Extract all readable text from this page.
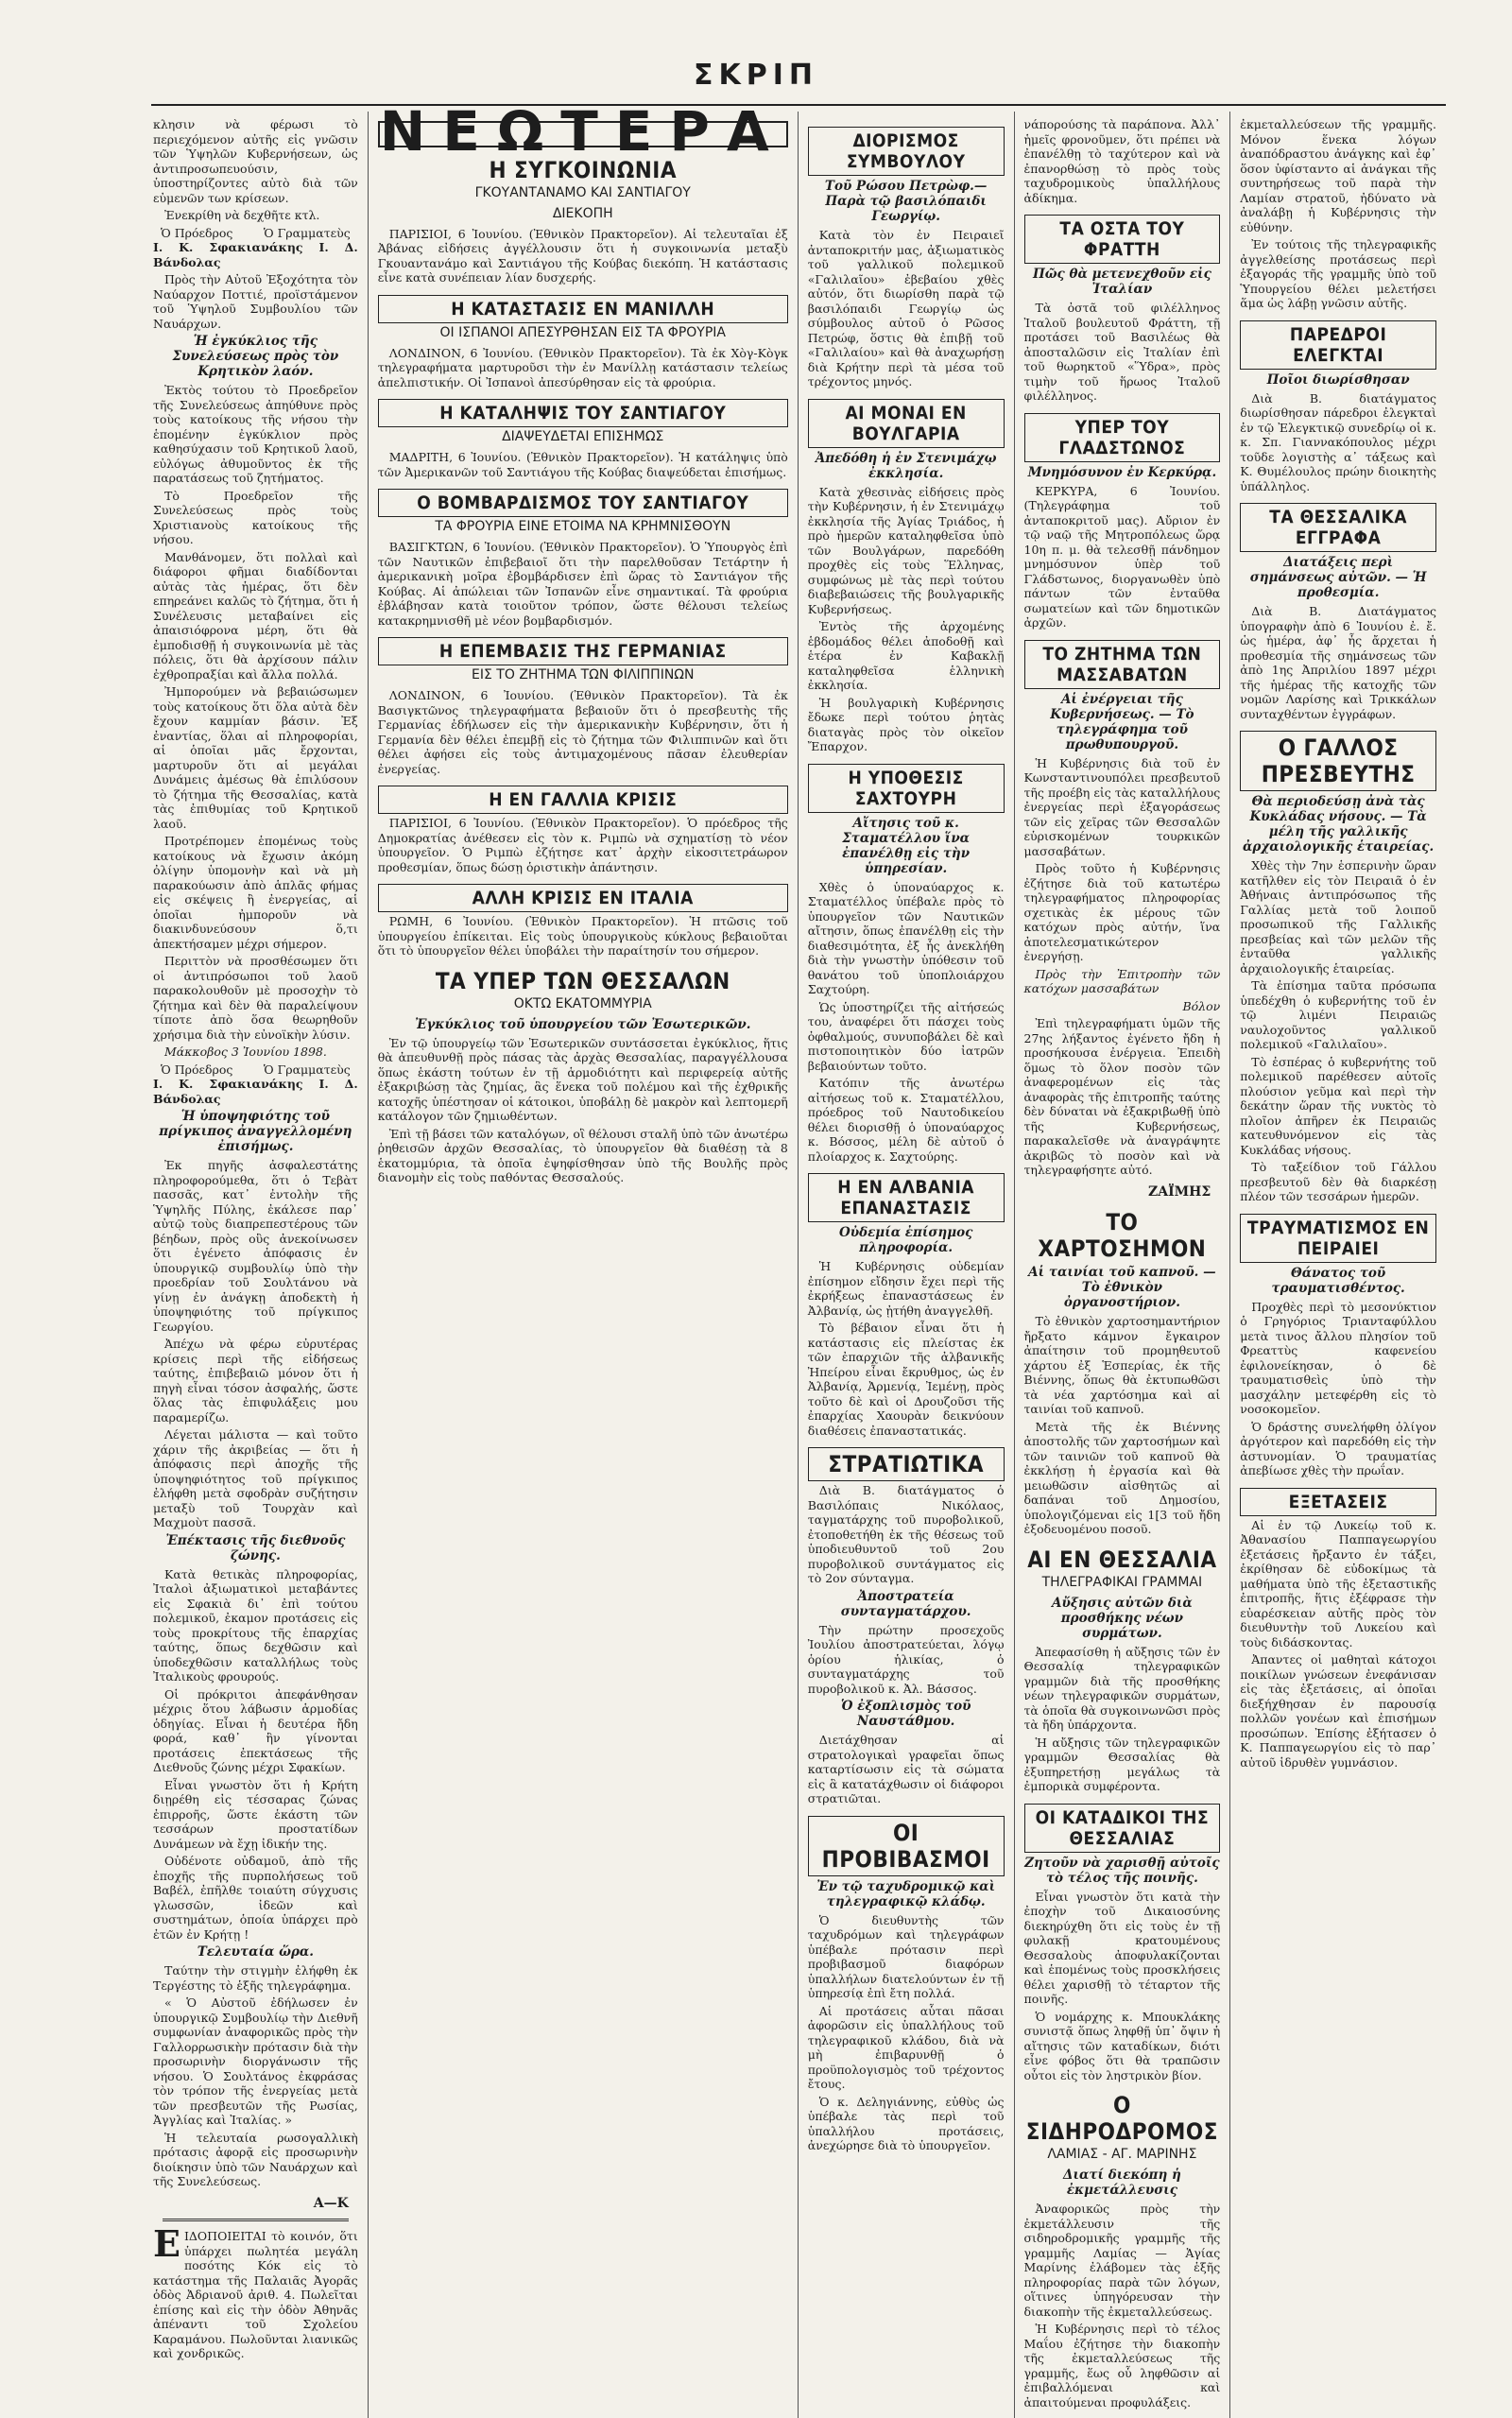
ΣΚΡΙΠ

κλησιν νὰ φέρωσι τὸ περιεχόμενον αὐτῆς εἰς γνῶσιν τῶν Ὑψηλῶν Κυβερνήσεων, ὡς ἀντιπροσωπευούσιν, ὑποστηρίζοντες αὐτὸ διὰ τῶν εὐμενῶν των κρίσεων.

Ἐνεκρίθη νὰ δεχθῆτε κτλ.

Ὁ Πρόεδρος	Ὁ Γραμματεὺς

Ι. Κ. Σφακιανάκης Ι. Δ. Βάνδολας

Πρὸς τὴν Αὐτοῦ Ἐξοχότητα τὸν Ναύαρχον Ποττιέ, προϊστάμενον τοῦ Ὑψηλοῦ Συμβουλίου τῶν Ναυάρχων.

Ἡ ἐγκύκλιος τῆς Συνελεύσεως πρὸς τὸν Κρητικὸν λαόν.

Ἐκτὸς τούτου τὸ Προεδρεῖον τῆς Συνελεύσεως ἀπηύθυνε πρὸς τοὺς κατοίκους τῆς νήσου τὴν ἑπομένην ἐγκύκλιον πρὸς καθησύχασιν τοῦ Κρητικοῦ λαοῦ, εὐλόγως ἀθυμοῦντος ἐκ τῆς παρατάσεως τοῦ ζητήματος.

Τὸ Προεδρεῖον τῆς Συνελεύσεως πρὸς τοὺς Χριστιανοὺς κατοίκους τῆς νήσου.

Μανθάνομεν, ὅτι πολλαὶ καὶ διάφοροι φῆμαι διαδίδονται αὐτὰς τὰς ἡμέρας, ὅτι δὲν επηρεάνει καλῶς τὸ ζήτημα, ὅτι ἡ Συνέλευσις μεταβαίνει εἰς ἀπαισιόφρονα μέρη, ὅτι θὰ ἐμποδισθῇ ἡ συγκοινωνία μὲ τὰς πόλεις, ὅτι θὰ ἀρχίσουν πάλιν ἐχθροπραξίαι καὶ ἄλλα πολλά.

Ἠμπορούμεν νὰ βεβαιώσωμεν τοὺς κατοίκους ὅτι ὅλα αὐτὰ δὲν ἔχουν καμμίαν βάσιν. Ἐξ ἐναντίας, ὅλαι αἱ πληροφορίαι, αἱ ὁποῖαι μᾶς ἔρχονται, μαρτυροῦν ὅτι αἱ μεγάλαι Δυνάμεις ἀμέσως θὰ ἐπιλύσουν τὸ ζήτημα τῆς Θεσσαλίας, κατὰ τὰς ἐπιθυμίας τοῦ Κρητικοῦ λαοῦ.

Προτρέπομεν ἑπομένως τοὺς κατοίκους νὰ ἔχωσιν ἀκόμη ὀλίγην ὑπομονὴν καὶ νὰ μὴ παρακούωσιν ἀπὸ ἁπλᾶς φήμας εἰς σκέψεις ἢ ἐνεργείας, αἱ ὁποῖαι ἠμποροῦν νὰ διακινδυνεύσουν ὅ,τι ἀπεκτήσαμεν μέχρι σήμερον.

Περιττὸν νὰ προσθέσωμεν ὅτι οἱ ἀντιπρόσωποι τοῦ λαοῦ παρακολουθοῦν μὲ προσοχὴν τὸ ζήτημα καὶ δὲν θὰ παραλείψουν τίποτε ἀπὸ ὅσα θεωρηθοῦν χρήσιμα διὰ τὴν εὐνοϊκὴν λύσιν.

Μάκκοβος 3 Ἰουνίου 1898.

Ὁ Πρόεδρος	Ὁ Γραμματεὺς

Ι. Κ. Σφακιανάκης Ι. Δ. Βάνδολας

Ἡ ὑποψηφιότης τοῦ πρίγκιπος ἀναγγελλομένη ἐπισήμως.

Ἐκ πηγῆς ἀσφαλεστάτης πληροφορούμεθα, ὅτι ὁ Τεβὰτ πασσᾶς, κατ᾽ ἐντολὴν τῆς Ὑψηλῆς Πύλης, ἐκάλεσε παρ᾽ αὐτῷ τοὺς διαπρεπεστέρους τῶν βέηδων, πρὸς οὓς ἀνεκοίνωσεν ὅτι ἐγένετο ἀπόφασις ἐν ὑπουργικῷ συμβουλίῳ ὑπὸ τὴν προεδρίαν τοῦ Σουλτάνου νὰ γίνῃ ἐν ἀνάγκῃ ἀποδεκτὴ ἡ ὑποψηφιότης τοῦ πρίγκιπος Γεωργίου.

Ἀπέχω νὰ φέρω εὐρυτέρας κρίσεις περὶ τῆς εἰδήσεως ταύτης, ἐπιβεβαιῶ μόνον ὅτι ἡ πηγὴ εἶναι τόσον ἀσφαλής, ὥστε ὅλας τὰς ἐπιφυλάξεις μου παραμερίζω.

Λέγεται μάλιστα — καὶ τοῦτο χάριν τῆς ἀκριβείας — ὅτι ἡ ἀπόφασις περὶ ἀποχῆς τῆς ὑποψηφιότητος τοῦ πρίγκιπος ἐλήφθη μετὰ σφοδρὰν συζήτησιν μεταξὺ τοῦ Τουρχὰν καὶ Μαχμοὺτ πασσᾶ.

Ἐπέκτασις τῆς διεθνοῦς ζώνης.

Κατὰ θετικὰς πληροφορίας, Ἰταλοὶ ἀξιωματικοὶ μεταβάντες εἰς Σφακιὰ δι᾽ ἐπὶ τούτου πολεμικοῦ, ἐκαμον προτάσεις εἰς τοὺς προκρίτους τῆς ἐπαρχίας ταύτης, ὅπως δεχθῶσιν καὶ ὑποδεχθῶσιν καταλλήλως τοὺς Ἰταλικοὺς φρουρούς.

Οἱ πρόκριτοι ἀπεφάνθησαν μέχρις ὅτου λάβωσιν ἁρμοδίας ὁδηγίας. Εἶναι ἡ δευτέρα ἤδη φορά, καθ᾽ ἣν γίνονται προτάσεις ἐπεκτάσεως τῆς Διεθνοῦς ζώνης μέχρι Σφακίων.

Εἶναι γνωστὸν ὅτι ἡ Κρήτη διῃρέθη εἰς τέσσαρας ζώνας ἐπιρροῆς, ὥστε ἑκάστη τῶν τεσσάρων προστατίδων Δυνάμεων νὰ ἔχῃ ἰδικήν της.

Οὐδένοτε οὐδαμοῦ, ἀπὸ τῆς ἐποχῆς τῆς πυρπολήσεως τοῦ Βαβέλ, ἐπῆλθε τοιαύτη σύγχυσις γλωσσῶν, ἰδεῶν καὶ συστημάτων, ὁποία ὑπάρχει πρὸ ἐτῶν ἐν Κρήτῃ !

Τελευταία ὥρα.

Ταύτην τὴν στιγμὴν ἐλήφθη ἐκ Τεργέστης τὸ ἑξῆς τηλεγράφημα.

« Ὁ Αὐστοῦ ἐδήλωσεν ἐν ὑπουργικῷ Συμβουλίῳ τὴν Διεθνῆ συμφωνίαν ἀναφορικῶς πρὸς τὴν Γαλλορρωσικὴν πρότασιν διὰ τὴν προσωρινὴν διοργάνωσιν τῆς νήσου. Ὁ Σουλτάνος ἐκφράσας τὸν τρόπον τῆς ἐνεργείας μετὰ τῶν πρεσβευτῶν τῆς Ρωσίας, Ἀγγλίας καὶ Ἰταλίας. »

Ἡ τελευταία ρωσογαλλικὴ πρότασις ἀφορᾷ εἰς προσωρινὴν διοίκησιν ὑπὸ τῶν Ναυάρχων καὶ τῆς Συνελεύσεως.

Α—Κ

ΕΙΔΟΠΟΙΕΙΤΑΙ τὸ κοινόν, ὅτι ὑπάρχει πωλητέα μεγάλη ποσότης Κόκ εἰς τὸ κατάστημα τῆς Παλαιᾶς Ἀγορᾶς ὁδὸς Ἀδριανοῦ ἀριθ. 4. Πωλεῖται ἐπίσης καὶ εἰς τὴν ὁδὸν Ἀθηνᾶς ἀπέναντι τοῦ Σχολείου Καραμάνου. Πωλοῦνται λιανικῶς καὶ χονδρικῶς.

ΝΕΩΤΕΡΑ
Η ΣΥΓΚΟΙΝΩΝΙΑ
ΓΚΟΥΑΝΤΑΝΑΜΟ ΚΑΙ ΣΑΝΤΙΑΓΟΥ
ΔΙΕΚΟΠΗ

ΠΑΡΙΣΙΟΙ, 6 Ἰουνίου. (Ἐθνικὸν Πρακτορεῖον). Αἱ τελευταῖαι ἐξ Ἀβάνας εἰδήσεις ἀγγέλλουσιν ὅτι ἡ συγκοινωνία μεταξὺ Γκουαντανάμο καὶ Σαντιάγου τῆς Κούβας διεκόπη. Ἡ κατάστασις εἶνε κατὰ συνέπειαν λίαν δυσχερής.

Η ΚΑΤΑΣΤΑΣΙΣ ΕΝ ΜΑΝΙΛΛΗ
ΟΙ ΙΣΠΑΝΟΙ ΑΠΕΣΥΡΘΗΣΑΝ ΕΙΣ ΤΑ ΦΡΟΥΡΙΑ

ΛΟΝΔΙΝΟΝ, 6 Ἰουνίου. (Ἐθνικὸν Πρακτορεῖον). Τὰ ἐκ Χὸγ-Κὸγκ τηλεγραφήματα μαρτυροῦσι τὴν ἐν Μανίλλῃ κατάστασιν τελείως ἀπελπιστικήν. Οἱ Ἰσπανοὶ ἀπεσύρθησαν εἰς τὰ φρούρια.

Η ΚΑΤΑΛΗΨΙΣ ΤΟΥ ΣΑΝΤΙΑΓΟΥ
ΔΙΑΨΕΥΔΕΤΑΙ ΕΠΙΣΗΜΩΣ

ΜΑΔΡΙΤΗ, 6 Ἰουνίου. (Ἐθνικὸν Πρακτορεῖον). Ἡ κατάληψις ὑπὸ τῶν Ἀμερικανῶν τοῦ Σαντιάγου τῆς Κούβας διαψεύδεται ἐπισήμως.

Ο ΒΟΜΒΑΡΔΙΣΜΟΣ ΤΟΥ ΣΑΝΤΙΑΓΟΥ
ΤΑ ΦΡΟΥΡΙΑ ΕΙΝΕ ΕΤΟΙΜΑ ΝΑ ΚΡΗΜΝΙΣΘΟΥΝ

ΒΑΣΙΓΚΤΩΝ, 6 Ἰουνίου. (Ἐθνικὸν Πρακτορεῖον). Ὁ Ὑπουργὸς ἐπὶ τῶν Ναυτικῶν ἐπιβεβαιοῖ ὅτι τὴν παρελθοῦσαν Τετάρτην ἡ ἀμερικανικὴ μοῖρα ἐβομβάρδισεν ἐπὶ ὥρας τὸ Σαντιάγον τῆς Κούβας. Αἱ ἀπώλειαι τῶν Ἰσπανῶν εἶνε σημαντικαί. Τὰ φρούρια ἐβλάβησαν κατὰ τοιοῦτον τρόπον, ὥστε θέλουσι τελείως κατακρημνισθῆ μὲ νέον βομβαρδισμόν.

Η ΕΠΕΜΒΑΣΙΣ ΤΗΣ ΓΕΡΜΑΝΙΑΣ
ΕΙΣ ΤΟ ΖΗΤΗΜΑ ΤΩΝ ΦΙΛΙΠΠΙΝΩΝ

ΛΟΝΔΙΝΟΝ, 6 Ἰουνίου. (Ἐθνικὸν Πρακτορεῖον). Τὰ ἐκ Βασιγκτῶνος τηλεγραφήματα βεβαιοῦν ὅτι ὁ πρεσβευτὴς τῆς Γερμανίας ἐδήλωσεν εἰς τὴν ἀμερικανικὴν Κυβέρνησιν, ὅτι ἡ Γερμανία δὲν θέλει ἐπεμβῇ εἰς τὸ ζήτημα τῶν Φιλιππινῶν καὶ ὅτι θέλει ἀφήσει εἰς τοὺς ἀντιμαχομένους πᾶσαν ἐλευθερίαν ἐνεργείας.

Η ΕΝ ΓΑΛΛΙΑ ΚΡΙΣΙΣ

ΠΑΡΙΣΙΟΙ, 6 Ἰουνίου. (Ἐθνικὸν Πρακτορεῖον). Ὁ πρόεδρος τῆς Δημοκρατίας ἀνέθεσεν εἰς τὸν κ. Ριμπὼ νὰ σχηματίσῃ τὸ νέον ὑπουργεῖον. Ὁ Ριμπὼ ἐζήτησε κατ᾽ ἀρχὴν εἰκοσιτετράωρον προθεσμίαν, ὅπως δώσῃ ὁριστικὴν ἀπάντησιν.

ΑΛΛΗ ΚΡΙΣΙΣ ΕΝ ΙΤΑΛΙΑ

ΡΩΜΗ, 6 Ἰουνίου. (Ἐθνικὸν Πρακτορεῖον). Ἡ πτῶσις τοῦ ὑπουργείου ἐπίκειται. Εἰς τοὺς ὑπουργικοὺς κύκλους βεβαιοῦται ὅτι τὸ ὑπουργεῖον θέλει ὑποβάλει τὴν παραίτησίν του σήμερον.

ΤΑ ΥΠΕΡ ΤΩΝ ΘΕΣΣΑΛΩΝ
ΟΚΤΩ ΕΚΑΤΟΜΜΥΡΙΑ
Ἐγκύκλιος τοῦ ὑπουργείου τῶν Ἐσωτερικῶν.

Ἐν τῷ ὑπουργείῳ τῶν Ἐσωτερικῶν συντάσσεται ἐγκύκλιος, ἥτις θὰ ἀπευθυνθῇ πρὸς πάσας τὰς ἀρχὰς Θεσσαλίας, παραγγέλλουσα ὅπως ἑκάστη τούτων ἐν τῇ ἁρμοδιότητι καὶ περιφερείᾳ αὐτῆς ἐξακριβώσῃ τὰς ζημίας, ἃς ἕνεκα τοῦ πολέμου καὶ τῆς ἐχθρικῆς κατοχῆς ὑπέστησαν οἱ κάτοικοι, ὑποβάλῃ δὲ μακρὸν καὶ λεπτομερῆ κατάλογον τῶν ζημιωθέντων.

Ἐπὶ τῇ βάσει τῶν καταλόγων, οἳ θέλουσι σταλῆ ὑπὸ τῶν ἀνωτέρω ῥηθεισῶν ἀρχῶν Θεσσαλίας, τὸ ὑπουργεῖον θὰ διαθέσῃ τὰ 8 ἑκατομμύρια, τὰ ὁποῖα ἐψηφίσθησαν ὑπὸ τῆς Βουλῆς πρὸς διανομὴν εἰς τοὺς παθόντας Θεσσαλούς.

ΔΙΟΡΙΣΜΟΣ ΣΥΜΒΟΥΛΟΥ
Τοῦ Ρώσου Πετρὼφ.— Παρὰ τῷ βασιλόπαιδι Γεωργίῳ.

Κατὰ τὸν ἐν Πειραιεῖ ἀνταποκριτήν μας, ἀξιωματικὸς τοῦ γαλλικοῦ πολεμικοῦ «Γαλιλαῖου» ἐβεβαίου χθὲς αὐτόν, ὅτι διωρίσθη παρὰ τῷ βασιλόπαιδι Γεωργίῳ ὡς σύμβουλος αὐτοῦ ὁ Ρῶσος Πετρώφ, ὅστις θὰ ἐπιβῇ τοῦ «Γαλιλαίου» καὶ θὰ ἀναχωρήσῃ διὰ Κρήτην περὶ τὰ μέσα τοῦ τρέχοντος μηνός.

ΑΙ ΜΟΝΑΙ ΕΝ ΒΟΥΛΓΑΡΙΑ
Ἀπεδόθη ἡ ἐν Στενιμάχῳ ἐκκλησία.

Κατὰ χθεσινὰς εἰδήσεις πρὸς τὴν Κυβέρνησιν, ἡ ἐν Στενιμάχῳ ἐκκλησία τῆς Ἁγίας Τριάδος, ἡ πρὸ ἡμερῶν καταληφθεῖσα ὑπὸ τῶν Βουλγάρων, παρεδόθη προχθὲς εἰς τοὺς Ἕλληνας, συμφώνως μὲ τὰς περὶ τούτου διαβεβαιώσεις τῆς βουλγαρικῆς Κυβερνήσεως.

Ἐντὸς τῆς ἀρχομένης ἑβδομάδος θέλει ἀποδοθῇ καὶ ἑτέρα ἐν Καβακλῇ καταληφθεῖσα ἑλληνικὴ ἐκκλησία.

Ἡ βουλγαρικὴ Κυβέρνησις ἔδωκε περὶ τούτου ῥητὰς διαταγὰς πρὸς τὸν οἰκεῖον Ἔπαρχον.

Η ΥΠΟΘΕΣΙΣ ΣΑΧΤΟΥΡΗ
Αἴτησις τοῦ κ. Σταματέλλου ἵνα ἐπανέλθῃ εἰς τὴν ὑπηρεσίαν.

Χθὲς ὁ ὑποναύαρχος κ. Σταματέλλος ὑπέβαλε πρὸς τὸ ὑπουργεῖον τῶν Ναυτικῶν αἴτησιν, ὅπως ἐπανέλθῃ εἰς τὴν διαθεσιμότητα, ἐξ ἧς ἀνεκλήθη διὰ τὴν γνωστὴν ὑπόθεσιν τοῦ θανάτου τοῦ ὑποπλοιάρχου Σαχτούρη.

Ὡς ὑποστηρίζει τῆς αἰτήσεώς του, ἀναφέρει ὅτι πάσχει τοὺς ὀφθαλμούς, συνυποβάλει δὲ καὶ πιστοποιητικὸν δύο ἰατρῶν βεβαιούντων τοῦτο.

Κατόπιν τῆς ἀνωτέρω αἰτήσεως τοῦ κ. Σταματέλλου, πρόεδρος τοῦ Ναυτοδικείου θέλει διορισθῇ ὁ ὑποναύαρχος κ. Βόσσος, μέλη δὲ αὐτοῦ ὁ πλοίαρχος κ. Σαχτούρης.

Η ΕΝ ΑΛΒΑΝΙΑ ΕΠΑΝΑΣΤΑΣΙΣ
Οὐδεμία ἐπίσημος πληροφορία.

Ἡ Κυβέρνησις οὐδεμίαν ἐπίσημον εἴδησιν ἔχει περὶ τῆς ἐκρήξεως ἐπαναστάσεως ἐν Ἀλβανίᾳ, ὡς ᾐτήθη ἀναγγελθῆ.

Τὸ βέβαιον εἶναι ὅτι ἡ κατάστασις εἰς πλείστας ἐκ τῶν ἐπαρχιῶν τῆς ἀλβανικῆς Ἠπείρου εἶναι ἔκρυθμος, ὡς ἐν Ἀλβανίᾳ, Ἀρμενίᾳ, Ἰεμένῃ, πρὸς τοῦτο δὲ καὶ οἱ Δρουζοῦσι τῆς ἐπαρχίας Χαουρὰν δεικνύουν διαθέσεις ἐπαναστατικάς.

ΣΤΡΑΤΙΩΤΙΚΑ

Διὰ Β. διατάγματος ὁ Βασιλόπαις Νικόλαος, ταγματάρχης τοῦ πυροβολικοῦ, ἐτοποθετήθη ἐκ τῆς θέσεως τοῦ ὑποδιευθυντοῦ τοῦ 2ου πυροβολικοῦ συντάγματος εἰς τὸ 2ον σύνταγμα.

Ἀποστρατεία συνταγματάρχου.

Τὴν πρώτην προσεχοῦς Ἰουλίου ἀποστρατεύεται, λόγῳ ὁρίου ἡλικίας, ὁ συνταγματάρχης τοῦ πυροβολικοῦ κ. Ἀλ. Βάσσος.

Ὁ ἐξοπλισμὸς τοῦ Ναυστάθμου.

Διετάχθησαν αἱ στρατολογικαὶ γραφεῖαι ὅπως καταρτίσωσιν εἰς τὰ σώματα εἰς ἃ κατατάχθωσιν οἱ διάφοροι στρατιῶται.

ΟΙ ΠΡΟΒΙΒΑΣΜΟΙ
Ἐν τῷ ταχυδρομικῷ καὶ τηλεγραφικῷ κλάδῳ.

Ὁ διευθυντὴς τῶν ταχυδρόμων καὶ τηλεγράφων ὑπέβαλε πρότασιν περὶ προβιβασμοῦ διαφόρων ὑπαλλήλων διατελούντων ἐν τῇ ὑπηρεσίᾳ ἐπὶ ἔτη πολλά.

Αἱ προτάσεις αὗται πᾶσαι ἀφορῶσιν εἰς ὑπαλλήλους τοῦ τηλεγραφικοῦ κλάδου, διὰ νὰ μὴ ἐπιβαρυνθῇ ὁ προϋπολογισμὸς τοῦ τρέχοντος ἔτους.

Ὁ κ. Δεληγιάννης, εὐθὺς ὡς ὑπέβαλε τὰς περὶ τοῦ ὑπαλλήλου προτάσεις, ἀνεχώρησε διὰ τὸ ὑπουργεῖον.

νάπορούσης τὰ παράπονα. Ἀλλ᾽ ἡμεῖς φρονοῦμεν, ὅτι πρέπει νὰ ἐπανέλθῃ τὸ ταχύτερον καὶ νὰ ἐπανορθώσῃ τὸ πρὸς τοὺς ταχυδρομικοὺς ὑπαλλήλους ἀδίκημα.

ΤΑ ΟΣΤΑ ΤΟΥ ΦΡΑΤΤΗ
Πῶς θὰ μετενεχθοῦν εἰς Ἰταλίαν

Τὰ ὀστᾶ τοῦ φιλέλληνος Ἰταλοῦ βουλευτοῦ Φράττη, τῇ προτάσει τοῦ Βασιλέως θὰ ἀποσταλῶσιν εἰς Ἰταλίαν ἐπὶ τοῦ θωρηκτοῦ «Ὕδρα», πρὸς τιμὴν τοῦ ἥρωος Ἰταλοῦ φιλέλληνος.

ΥΠΕΡ ΤΟΥ ΓΛΑΔΣΤΩΝΟΣ
Μνημόσυνον ἐν Κερκύρᾳ.

ΚΕΡΚΥΡΑ, 6 Ἰουνίου. (Τηλεγράφημα τοῦ ἀνταποκριτοῦ μας). Αὔριον ἐν τῷ ναῷ τῆς Μητροπόλεως ὥρᾳ 10η π. μ. θὰ τελεσθῇ πάνδημον μνημόσυνον ὑπὲρ τοῦ Γλάδστωνος, διοργανωθὲν ὑπὸ πάντων τῶν ἐνταῦθα σωματείων καὶ τῶν δημοτικῶν ἀρχῶν.

ΤΟ ΖΗΤΗΜΑ ΤΩΝ ΜΑΣΣΑΒΑΤΩΝ
Αἱ ἐνέργειαι τῆς Κυβερνήσεως. — Τὸ τηλεγράφημα τοῦ πρωθυπουργοῦ.

Ἡ Κυβέρνησις διὰ τοῦ ἐν Κωνσταντινουπόλει πρεσβευτοῦ τῆς προέβη εἰς τὰς καταλλήλους ἐνεργείας περὶ ἐξαγοράσεως τῶν εἰς χεῖρας τῶν Θεσσαλῶν εὑρισκομένων τουρκικῶν μασσαβάτων.

Πρὸς τοῦτο ἡ Κυβέρνησις ἐζήτησε διὰ τοῦ κατωτέρω τηλεγραφήματος πληροφορίας σχετικὰς ἐκ μέρους τῶν κατόχων πρὸς αὐτήν, ἵνα ἀποτελεσματικώτερον ἐνεργήσῃ.

Πρὸς τὴν Ἐπιτροπὴν τῶν κατόχων μασσαβάτων

Βόλον

Ἐπὶ τηλεγραφήματι ὑμῶν τῆς 27ης λήξαντος ἐγένετο ἤδη ἡ προσήκουσα ἐνέργεια. Ἐπειδὴ ὅμως τὸ ὅλον ποσὸν τῶν ἀναφερομένων εἰς τὰς ἀναφορὰς τῆς ἐπιτροπῆς ταύτης δὲν δύναται νὰ ἐξακριβωθῇ ὑπὸ τῆς Κυβερνήσεως, παρακαλεῖσθε νὰ ἀναγράψητε ἀκριβῶς τὸ ποσὸν καὶ νὰ τηλεγραφήσητε αὐτό.

ΖΑΪΜΗΣ
ΤΟ ΧΑΡΤΟΣΗΜΟΝ
Αἱ ταινίαι τοῦ καπνοῦ. — Τὸ ἐθνικὸν ὀργανοστήριον.

Τὸ ἐθνικὸν χαρτοσημαντήριον ἤρξατο κάμνον ἔγκαιρον ἀπαίτησιν τοῦ προμηθευτοῦ χάρτου ἐξ Ἑσπερίας, ἐκ τῆς Βιέννης, ὅπως θὰ ἐκτυπωθῶσι τὰ νέα χαρτόσημα καὶ αἱ ταινίαι τοῦ καπνοῦ.

Μετὰ τῆς ἐκ Βιέννης ἀποστολῆς τῶν χαρτοσήμων καὶ τῶν ταινιῶν τοῦ καπνοῦ θὰ ἐκκλήσῃ ἡ ἐργασία καὶ θὰ μειωθῶσιν αἰσθητῶς αἱ δαπάναι τοῦ Δημοσίου, ὑπολογιζόμεναι εἰς 1[3 τοῦ ἤδη ἐξοδευομένου ποσοῦ.

ΑΙ ΕΝ ΘΕΣΣΑΛΙΑ
ΤΗΛΕΓΡΑΦΙΚΑΙ ΓΡΑΜΜΑΙ
Αὔξησις αὐτῶν διὰ προσθήκης νέων συρμάτων.

Ἀπεφασίσθη ἡ αὔξησις τῶν ἐν Θεσσαλίᾳ τηλεγραφικῶν γραμμῶν διὰ τῆς προσθήκης νέων τηλεγραφικῶν συρμάτων, τὰ ὁποῖα θὰ συγκοινωνῶσι πρὸς τὰ ἤδη ὑπάρχοντα.

Ἡ αὔξησις τῶν τηλεγραφικῶν γραμμῶν Θεσσαλίας θὰ ἐξυπηρετήσῃ μεγάλως τὰ ἐμπορικὰ συμφέροντα.

ΟΙ ΚΑΤΑΔΙΚΟΙ ΤΗΣ ΘΕΣΣΑΛΙΑΣ
Ζητοῦν νὰ χαρισθῇ αὐτοῖς τὸ τέλος τῆς ποινῆς.

Εἶναι γνωστὸν ὅτι κατὰ τὴν ἐποχὴν τοῦ Δικαιοσύνης διεκηρύχθη ὅτι εἰς τοὺς ἐν τῇ φυλακῇ κρατουμένους Θεσσαλοὺς ἀποφυλακίζονται καὶ ἑπομένως τοὺς προσκλήσεις θέλει χαρισθῇ τὸ τέταρτον τῆς ποινῆς.

Ὁ νομάρχης κ. Μπουκλάκης συνιστᾷ ὅπως ληφθῇ ὑπ᾽ ὄψιν ἡ αἴτησις τῶν καταδίκων, διότι εἶνε φόβος ὅτι θὰ τραπῶσιν οὗτοι εἰς τὸν ληστρικὸν βίον.

Ο ΣΙΔΗΡΟΔΡΟΜΟΣ
ΛΑΜΙΑΣ - ΑΓ. ΜΑΡΙΝΗΣ
Διατί διεκόπη ἡ ἐκμετάλλευσις

Ἀναφορικῶς πρὸς τὴν ἐκμετάλλευσιν τῆς σιδηροδρομικῆς γραμμῆς τῆς γραμμῆς Λαμίας — Ἁγίας Μαρίνης ἐλάβομεν τὰς ἑξῆς πληροφορίας παρὰ τῶν λόγων, οἵτινες ὑπηγόρευσαν τὴν διακοπὴν τῆς ἐκμεταλλεύσεως.

Ἡ Κυβέρνησις περὶ τὸ τέλος Μαΐου ἐζήτησε τὴν διακοπὴν τῆς ἐκμεταλλεύσεως τῆς γραμμῆς, ἕως οὗ ληφθῶσιν αἱ ἐπιβαλλόμεναι καὶ ἀπαιτούμεναι προφυλάξεις.

ἐκμεταλλεύσεων τῆς γραμμῆς. Μόνον ἕνεκα λόγων ἀναπόδραστου ἀνάγκης καὶ ἐφ᾽ ὅσον ὑφίσταντο αἱ ἀνάγκαι τῆς συντηρήσεως τοῦ παρὰ τὴν Λαμίαν στρατοῦ, ἠδύνατο νὰ ἀναλάβῃ ἡ Κυβέρνησις τὴν εὐθύνην.

Ἐν τούτοις τῆς τηλεγραφικῆς ἀγγελθείσης προτάσεως περὶ ἐξαγοράς τῆς γραμμῆς ὑπὸ τοῦ Ὑπουργείου θέλει μελετήσει ἅμα ὡς λάβῃ γνῶσιν αὐτῆς.

ΠΑΡΕΔΡΟΙ ΕΛΕΓΚΤΑΙ
Ποῖοι διωρίσθησαν

Διὰ Β. διατάγματος διωρίσθησαν πάρεδροι ἐλεγκταὶ ἐν τῷ Ἐλεγκτικῷ συνεδρίῳ οἱ κ. κ. Σπ. Γιαννακόπουλος μέχρι τοῦδε λογιστὴς α᾽ τάξεως καὶ Κ. Θυμέλουλος πρώην διοικητὴς ὑπάλληλος.

ΤΑ ΘΕΣΣΑΛΙΚΑ ΕΓΓΡΑΦΑ
Διατάξεις περὶ σημάνσεως αὐτῶν. — Ἡ προθεσμία.

Διὰ Β. Διατάγματος ὑπογραφὴν ἀπὸ 6 Ἰουνίου ἐ. ἔ. ὡς ἡμέρα, ἀφ᾽ ἧς ἄρχεται ἡ προθεσμία τῆς σημάνσεως τῶν ἀπὸ 1ης Ἀπριλίου 1897 μέχρι τῆς ἡμέρας τῆς κατοχῆς τῶν νομῶν Λαρίσης καὶ Τρικκάλων συνταχθέντων ἐγγράφων.

Ο ΓΑΛΛΟΣ ΠΡΕΣΒΕΥΤΗΣ
Θὰ περιοδεύσῃ ἀνὰ τὰς Κυκλάδας νήσους. — Τὰ μέλη τῆς γαλλικῆς ἀρχαιολογικῆς ἑταιρείας.

Χθὲς τὴν 7ην ἑσπερινὴν ὥραν κατῆλθεν εἰς τὸν Πειραιᾶ ὁ ἐν Ἀθήναις ἀντιπρόσωπος τῆς Γαλλίας μετὰ τοῦ λοιποῦ προσωπικοῦ τῆς Γαλλικῆς πρεσβείας καὶ τῶν μελῶν τῆς ἐνταῦθα γαλλικῆς ἀρχαιολογικῆς ἑταιρείας.

Τὰ ἐπίσημα ταῦτα πρόσωπα ὑπεδέχθη ὁ κυβερνήτης τοῦ ἐν τῷ λιμένι Πειραιῶς ναυλοχοῦντος γαλλικοῦ πολεμικοῦ «Γαλιλαῖου».

Τὸ ἐσπέρας ὁ κυβερνήτης τοῦ πολεμικοῦ παρέθεσεν αὐτοῖς πλούσιον γεῦμα καὶ περὶ τὴν δεκάτην ὥραν τῆς νυκτὸς τὸ πλοῖον ἀπῆρεν ἐκ Πειραιῶς κατευθυνόμενον εἰς τὰς Κυκλάδας νήσους.

Τὸ ταξείδιον τοῦ Γάλλου πρεσβευτοῦ δὲν θὰ διαρκέσῃ πλέον τῶν τεσσάρων ἡμερῶν.

ΤΡΑΥΜΑΤΙΣΜΟΣ ΕΝ ΠΕΙΡΑΙΕΙ
Θάνατος τοῦ τραυματισθέντος.

Προχθὲς περὶ τὸ μεσονύκτιον ὁ Γρηγόριος Τριανταφύλλου μετὰ τινος ἄλλου πλησίον τοῦ Φρεαττὺς καφενείου ἐφιλονείκησαν, ὁ δὲ τραυματισθεὶς ὑπὸ τὴν μασχάλην μετεφέρθη εἰς τὸ νοσοκομεῖον.

Ὁ δράστης συνελήφθη ὀλίγον ἀργότερον καὶ παρεδόθη εἰς τὴν ἀστυνομίαν. Ὁ τραυματίας ἀπεβίωσε χθὲς τὴν πρωΐαν.

ΕΞΕΤΑΣΕΙΣ

Αἱ ἐν τῷ Λυκείῳ τοῦ κ. Ἀθανασίου Παππαγεωργίου ἐξετάσεις ἤρξαντο ἐν τάξει, ἐκρίθησαν δὲ εὐδοκίμως τὰ μαθήματα ὑπὸ τῆς ἐξεταστικῆς ἐπιτροπῆς, ἥτις ἐξέφρασε τὴν εὐαρέσκειαν αὐτῆς πρὸς τὸν διευθυντὴν τοῦ Λυκείου καὶ τοὺς διδάσκοντας.

Ἀπαντες οἱ μαθηταὶ κάτοχοι ποικίλων γνώσεων ἐνεφάνισαν εἰς τὰς ἐξετάσεις, αἱ ὁποῖαι διεξήχθησαν ἐν παρουσίᾳ πολλῶν γονέων καὶ ἐπισήμων προσώπων. Ἐπίσης ἐξήτασεν ὁ Κ. Παππαγεωργίου εἰς τὸ παρ᾽ αὐτοῦ ἱδρυθὲν γυμνάσιον.
